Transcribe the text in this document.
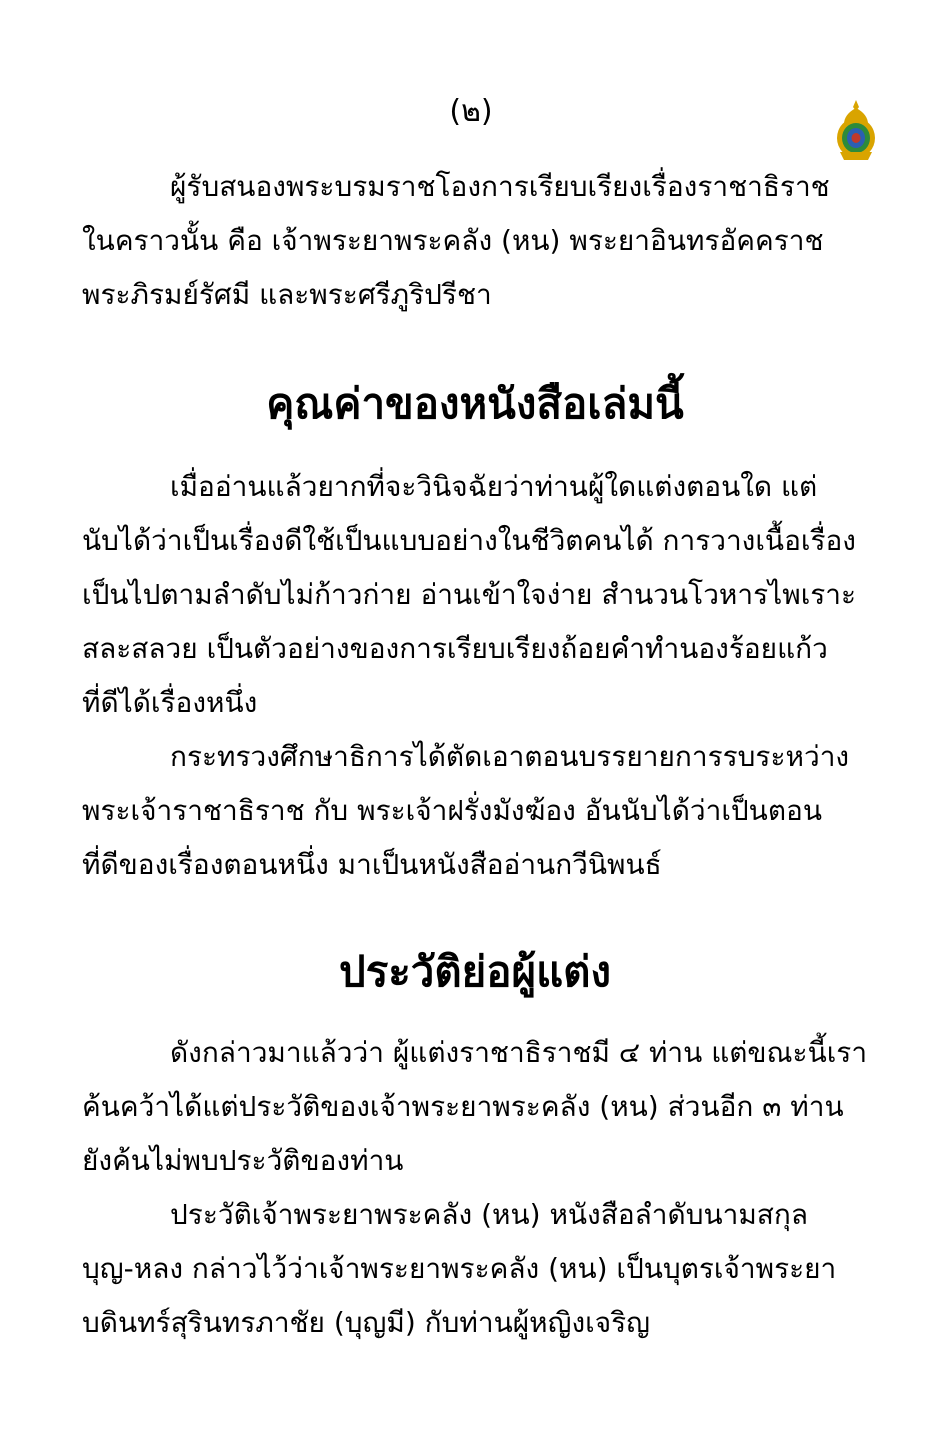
(๒)

ผู้รับสนองพระบรมราชโองการเรียบเรียงเรื่องราชาธิราช
ในคราวนั้น คือ เจ้าพระยาพระคลัง (หน) พระยาอินทรอัคคราช
พระภิรมย์รัศมี และพระศรีภูริปรีชา

คุณค่าของหนังสือเล่มนี้

เมื่ออ่านแล้วยากที่จะวินิจฉัยว่าท่านผู้ใดแต่งตอนใด แต่
นับได้ว่าเป็นเรื่องดีใช้เป็นแบบอย่างในชีวิตคนได้ การวางเนื้อเรื่อง
เป็นไปตามลำดับไม่ก้าวก่าย อ่านเข้าใจง่าย สำนวนโวหารไพเราะ
สละสลวย เป็นตัวอย่างของการเรียบเรียงถ้อยคำทำนองร้อยแก้ว
ที่ดีได้เรื่องหนึ่ง

กระทรวงศึกษาธิการได้ตัดเอาตอนบรรยายการรบระหว่าง
พระเจ้าราชาธิราช กับ พระเจ้าฝรั่งมังฆ้อง อันนับได้ว่าเป็นตอน
ที่ดีของเรื่องตอนหนึ่ง มาเป็นหนังสืออ่านกวีนิพนธ์

ประวัติย่อผู้แต่ง

ดังกล่าวมาแล้วว่า ผู้แต่งราชาธิราชมี ๔ ท่าน แต่ขณะนี้เรา
ค้นคว้าได้แต่ประวัติของเจ้าพระยาพระคลัง (หน) ส่วนอีก ๓ ท่าน
ยังค้นไม่พบประวัติของท่าน

ประวัติเจ้าพระยาพระคลัง (หน) หนังสือลำดับนามสกุล
บุญ-หลง กล่าวไว้ว่าเจ้าพระยาพระคลัง (หน) เป็นบุตรเจ้าพระยา
บดินทร์สุรินทรภาชัย (บุญมี) กับท่านผู้หญิงเจริญ
